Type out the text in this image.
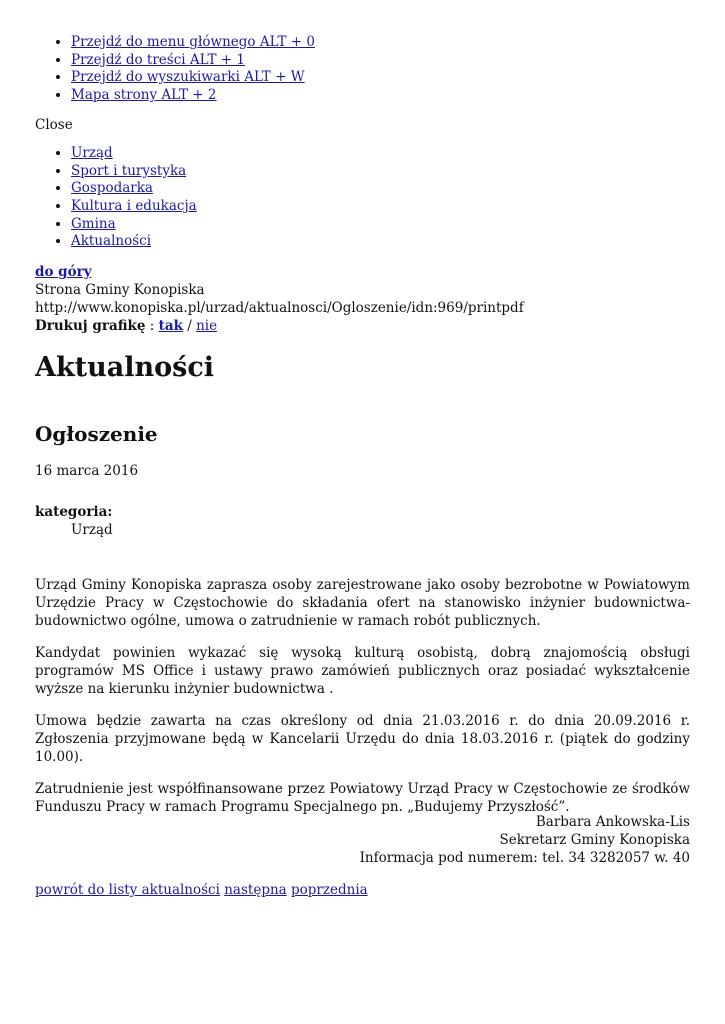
• Przejdź do menu głównego ALT + 0
• Przejdź do treści ALT + 1
• Przejdź do wyszukiwarki ALT + W
• Mapa strony ALT + 2
Close
• Urząd
• Sport i turystyka
• Gospodarka
• Kultura i edukacja
• Gmina
• Aktualności
do góry
Strona Gminy Konopiska
http://www.konopiska.pl/urzad/aktualnosci/Ogloszenie/idn:969/printpdf
Drukuj grafikę : tak / nie
Aktualności
Ogłoszenie
16 marca 2016
kategoria:
Urząd

Urząd Gminy Konopiska zaprasza osoby zarejestrowane jako osoby bezrobotne w Powiatowym Urzędzie Pracy w Częstochowie do składania ofert na stanowisko inżynier budownictwa-budownictwo ogólne, umowa o zatrudnienie w ramach robót publicznych.

Kandydat powinien wykazać się wysoką kulturą osobistą, dobrą znajomością obsługi programów MS Office i ustawy prawo zamówień publicznych oraz posiadać wykształcenie wyższe na kierunku inżynier budownictwa .

Umowa będzie zawarta na czas określony od dnia 21.03.2016 r. do dnia 20.09.2016 r. Zgłoszenia przyjmowane będą w Kancelarii Urzędu do dnia 18.03.2016 r. (piątek do godziny 10.00).

Zatrudnienie jest współfinansowane przez Powiatowy Urząd Pracy w Częstochowie ze środków Funduszu Pracy w ramach Programu Specjalnego pn. „Budujemy Przyszłość”.

Barbara Ankowska-Lis
Sekretarz Gminy Konopiska
Informacja pod numerem: tel. 34 3282057 w. 40
powrót do listy aktualności następna poprzednia
